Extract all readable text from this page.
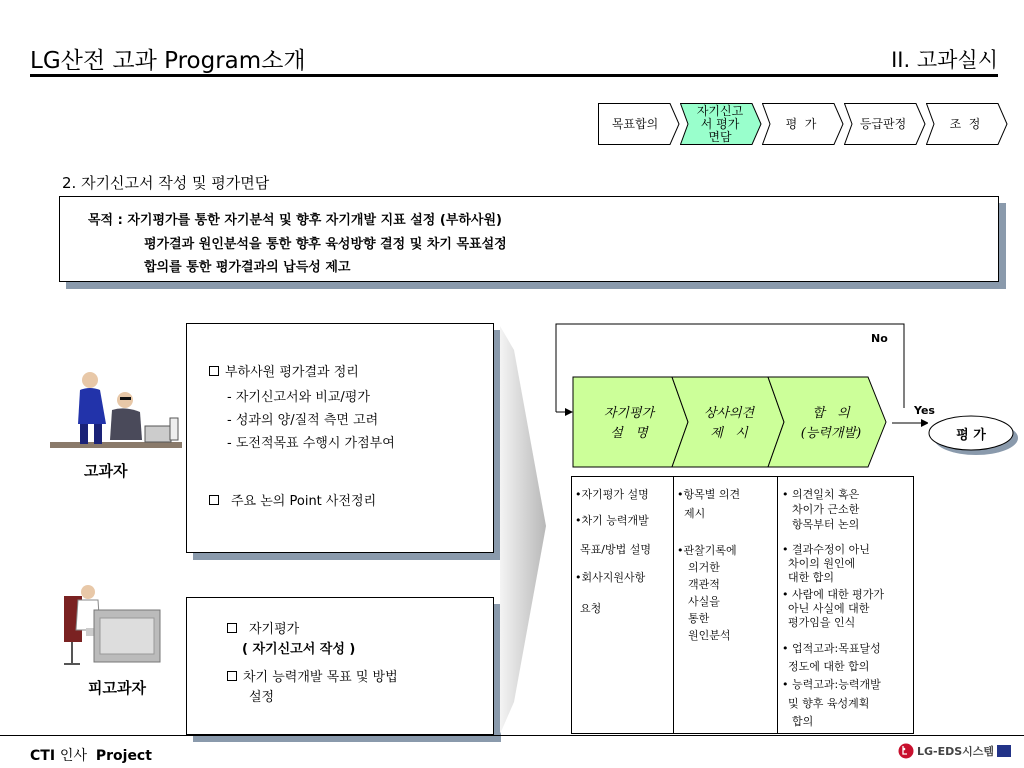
LG산전 고과 Program소개	II. 고과실시
목표합의
자기신고서 평가면담
평  가	등급판정	조  정
2. 자기신고서 작성 및 평가면담
목적 : 자기평가를 통한 자기분석 및 향후 자기개발 지표 설정 (부하사원)
평가결과 원인분석을 통한 향후 육성방향 결정 및 차기 목표설정
합의를 통한 평가결과의 납득성 제고
고과자
부하사원 평가결과 정리
- 자기신고서와 비교/평가
- 성과의 양/질적 측면 고려
- 도전적목표 수행시 가점부여
주요 논의 Point 사전정리
피고과자
자기평가
( 자기신고서 작성 )
차기 능력개발 목표 및 방법
설정
No
Yes
자기평가
설   명
상사의견
제   시
합   의
(능력개발)	평 가
•자기평가 설명
•차기 능력개발
목표/방법 설명
•회사지원사항
요청
•항목별 의견
제시
•관찰기록에
의거한
객관적
사실을
통한
원인분석
• 의견일치 혹은
차이가 근소한
항목부터 논의
• 결과수정이 아닌
차이의 원인에
대한 합의
• 사람에 대한 평가가
아닌 사실에 대한
평가임을 인식
• 업적고과:목표달성
정도에 대한 합의
• 능력고과:능력개발
및 향후 육성계획
합의
CTI 인사 Project	LG-EDS시스템
